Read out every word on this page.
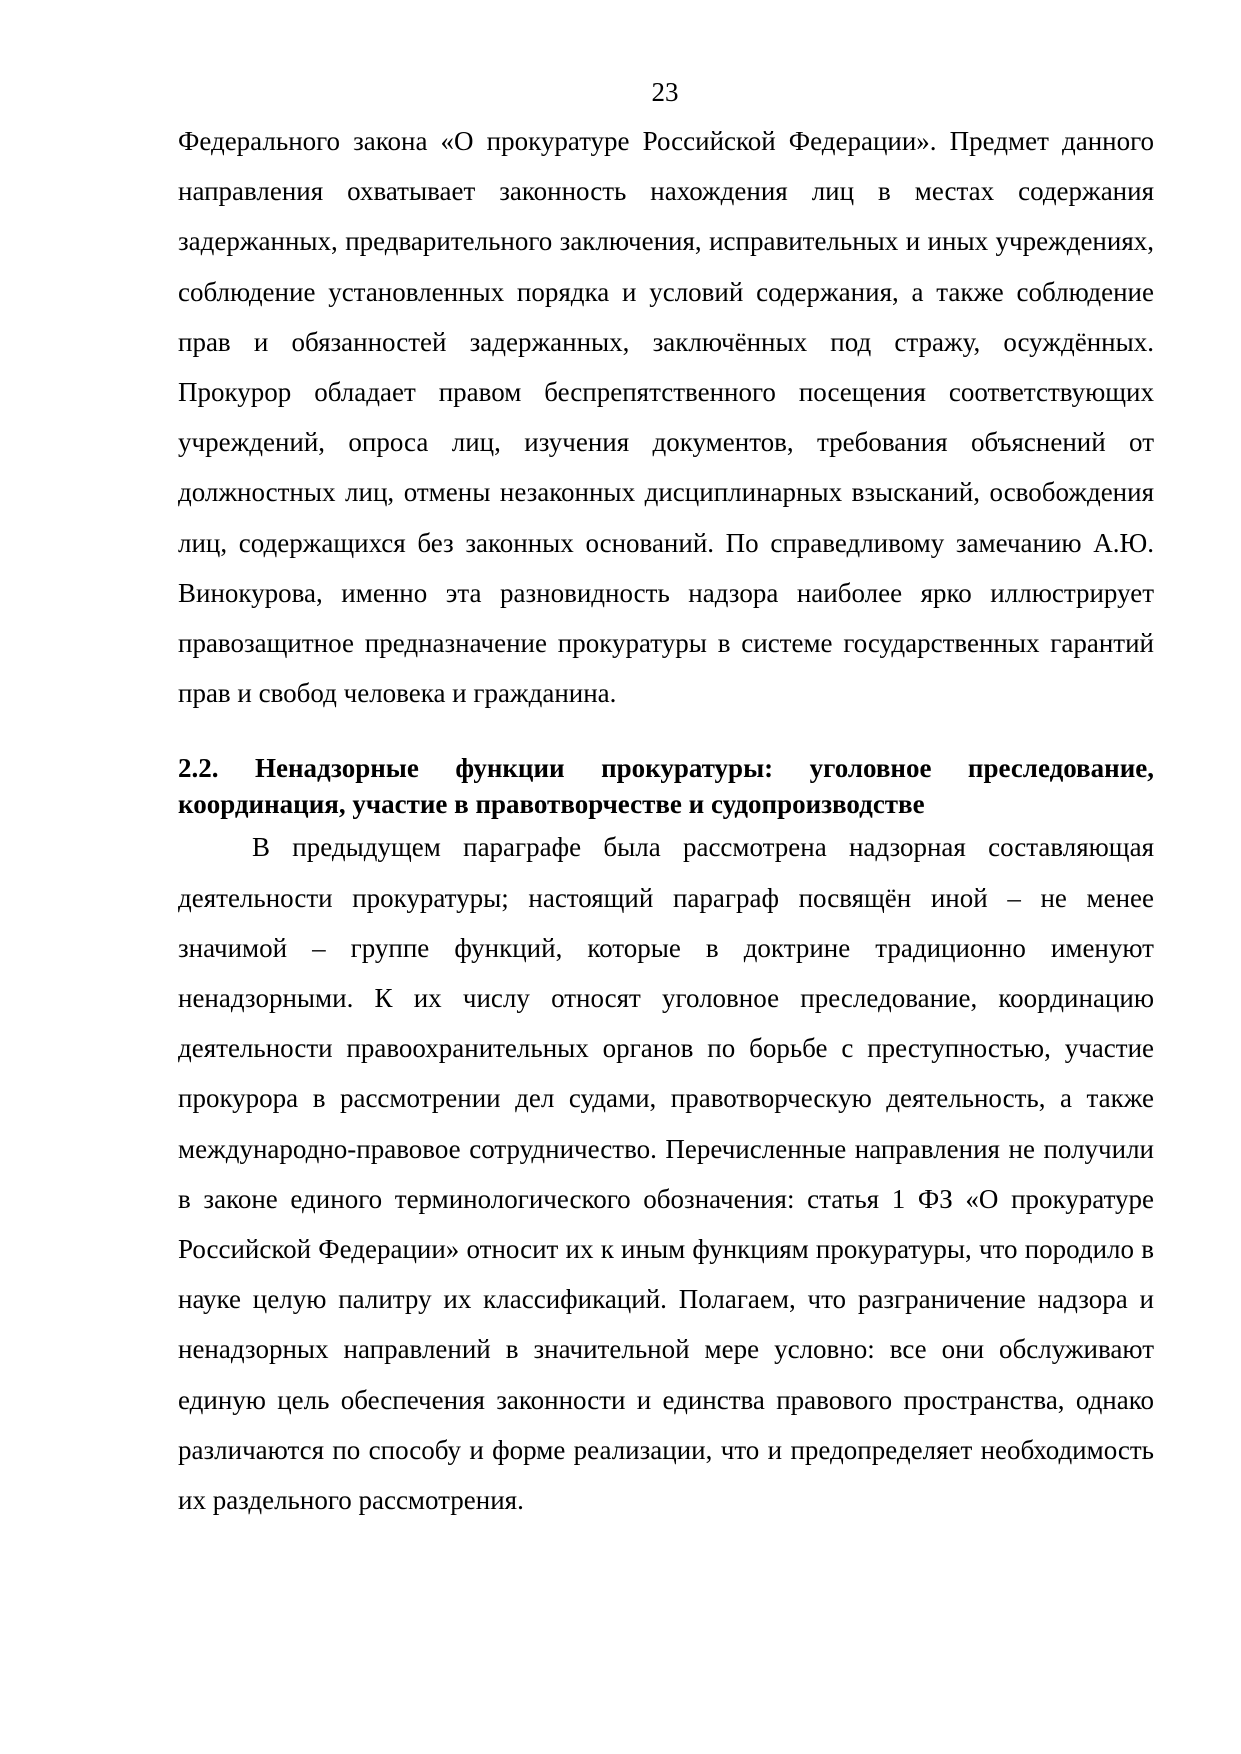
23

Федерального закона «О прокуратуре Российской Федерации». Предмет данного направления охватывает законность нахождения лиц в местах содержания задержанных, предварительного заключения, исправительных и иных учреждениях, соблюдение установленных порядка и условий содержания, а также соблюдение прав и обязанностей задержанных, заключённых под стражу, осуждённых. Прокурор обладает правом беспрепятственного посещения соответствующих учреждений, опроса лиц, изучения документов, требования объяснений от должностных лиц, отмены незаконных дисциплинарных взысканий, освобождения лиц, содержащихся без законных оснований. По справедливому замечанию А.Ю. Винокурова, именно эта разновидность надзора наиболее ярко иллюстрирует правозащитное предназначение прокуратуры в системе государственных гарантий прав и свобод человека и гражданина.

2.2. Ненадзорные функции прокуратуры: уголовное преследование,
координация, участие в правотворчестве и судопроизводстве

В предыдущем параграфе была рассмотрена надзорная составляющая деятельности прокуратуры; настоящий параграф посвящён иной – не менее значимой – группе функций, которые в доктрине традиционно именуют ненадзорными. К их числу относят уголовное преследование, координацию деятельности правоохранительных органов по борьбе с преступностью, участие прокурора в рассмотрении дел судами, правотворческую деятельность, а также международно-правовое сотрудничество. Перечисленные направления не получили в законе единого терминологического обозначения: статья 1 ФЗ «О прокуратуре Российской Федерации» относит их к иным функциям прокуратуры, что породило в науке целую палитру их классификаций. Полагаем, что разграничение надзора и ненадзорных направлений в значительной мере условно: все они обслуживают единую цель обеспечения законности и единства правового пространства, однако различаются по способу и форме реализации, что и предопределяет необходимость их раздельного рассмотрения.
